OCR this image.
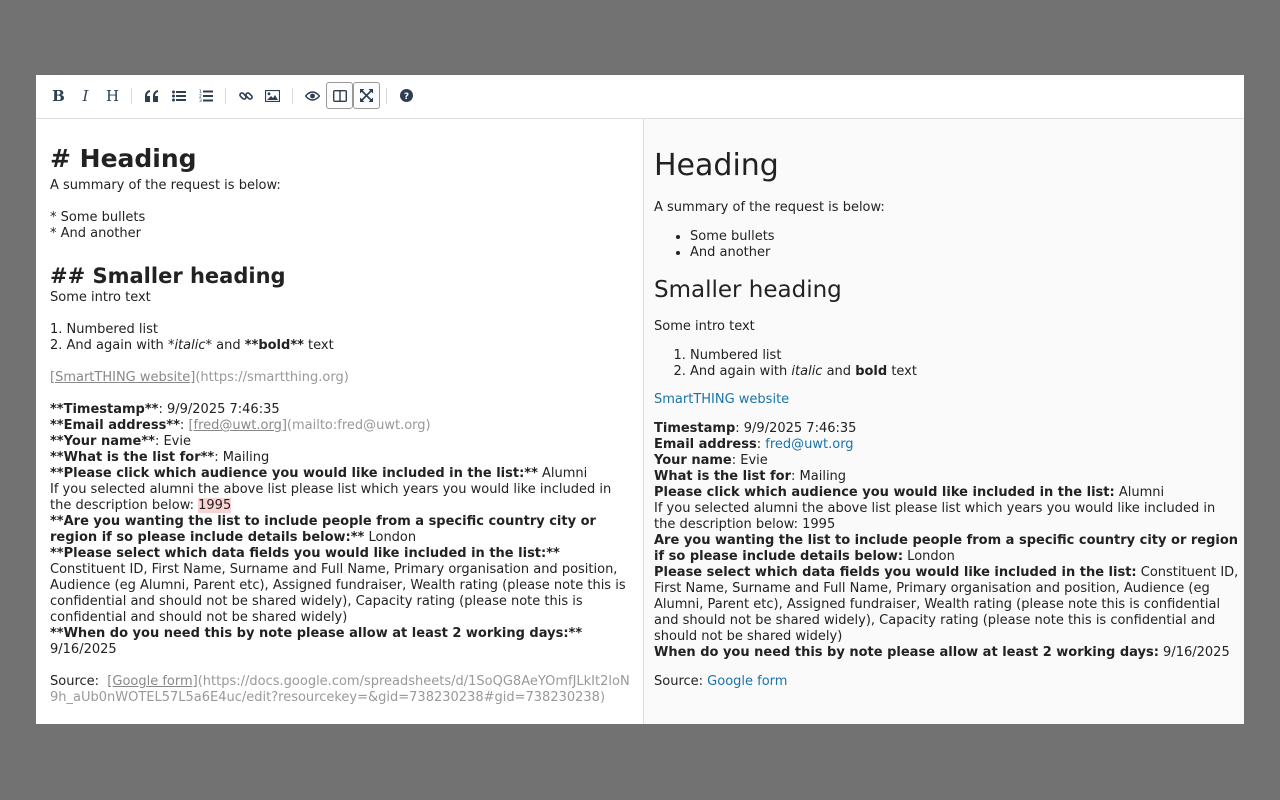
B I H	1
2
3	?
# Heading
A summary of the request is below:
* Some bullets
* And another
## Smaller heading
Some intro text
1. Numbered list
2. And again with *italic* and **bold** text
[SmartTHING website](https://smartthing.org)
**Timestamp**: 9/9/2025 7:46:35
**Email address**: [fred@uwt.org](mailto:fred@uwt.org)
**Your name**: Evie
**What is the list for**: Mailing
**Please click which audience you would like included in the list:** Alumni
If you selected alumni the above list please list which years you would like included in the description below: 1995
**Are you wanting the list to include people from a specific country city or region if so please include details below:** London
**Please select which data fields you would like included in the list:** Constituent ID, First Name, Surname and Full Name, Primary organisation and position, Audience (eg Alumni, Parent etc), Assigned fundraiser, Wealth rating (please note this is confidential and should not be shared widely), Capacity rating (please note this is confidential and should not be shared widely)
**When do you need this by note please allow at least 2 working days:** 9/16/2025
Source:  [Google form](https://docs.google.com/spreadsheets/d/1SoQG8AeYOmfJLkIt2loN9h_aUb0nWOTEL57L5a6E4uc/edit?resourcekey=&gid=738230238#gid=738230238)
Heading

A summary of the request is below:

• Some bullets
• And another
Smaller heading

Some intro text

1. Numbered list
2. And again with italic and bold text

SmartTHING website

Timestamp: 9/9/2025 7:46:35
Email address: fred@uwt.org
Your name: Evie
What is the list for: Mailing
Please click which audience you would like included in the list: Alumni
If you selected alumni the above list please list which years you would like included in the description below: 1995
Are you wanting the list to include people from a specific country city or region if so please include details below: London
Please select which data fields you would like included in the list: Constituent ID, First Name, Surname and Full Name, Primary organisation and position, Audience (eg Alumni, Parent etc), Assigned fundraiser, Wealth rating (please note this is confidential and should not be shared widely), Capacity rating (please note this is confidential and should not be shared widely)
When do you need this by note please allow at least 2 working days: 9/16/2025

Source: Google form
